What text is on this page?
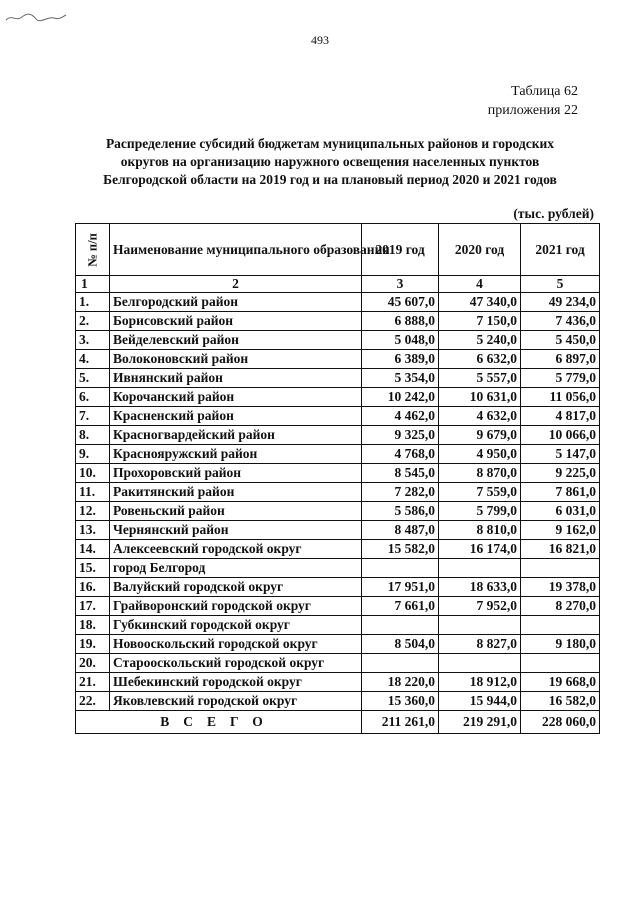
493
Таблица 62
приложения 22
Распределение субсидий бюджетам муниципальных районов и городских
округов на организацию наружного освещения населенных пунктов
Белгородской области на 2019 год и на плановый период 2020 и 2021 годов
(тыс. рублей)
№ п/п	Наименование муниципального образования	2019 год	2020 год	2021 год
1	2	3	4	5
1.	Белгородский район	45 607,0	47 340,0	49 234,0
2.	Борисовский район	6 888,0	7 150,0	7 436,0
3.	Вейделевский район	5 048,0	5 240,0	5 450,0
4.	Волоконовский район	6 389,0	6 632,0	6 897,0
5.	Ивнянский район	5 354,0	5 557,0	5 779,0
6.	Корочанский район	10 242,0	10 631,0	11 056,0
7.	Красненский район	4 462,0	4 632,0	4 817,0
8.	Красногвардейский район	9 325,0	9 679,0	10 066,0
9.	Краснояружский район	4 768,0	4 950,0	5 147,0
10.	Прохоровский район	8 545,0	8 870,0	9 225,0
11.	Ракитянский район	7 282,0	7 559,0	7 861,0
12.	Ровеньский район	5 586,0	5 799,0	6 031,0
13.	Чернянский район	8 487,0	8 810,0	9 162,0
14.	Алексеевский городской округ	15 582,0	16 174,0	16 821,0
15.	город Белгород			
16.	Валуйский городской округ	17 951,0	18 633,0	19 378,0
17.	Грайворонский городской округ	7 661,0	7 952,0	8 270,0
18.	Губкинский городской округ			
19.	Новооскольский городской округ	8 504,0	8 827,0	9 180,0
20.	Старооскольский городской округ			
21.	Шебекинский городской округ	18 220,0	18 912,0	19 668,0
22.	Яковлевский городской округ	15 360,0	15 944,0	16 582,0
ВСЕГО		211 261,0	219 291,0	228 060,0
